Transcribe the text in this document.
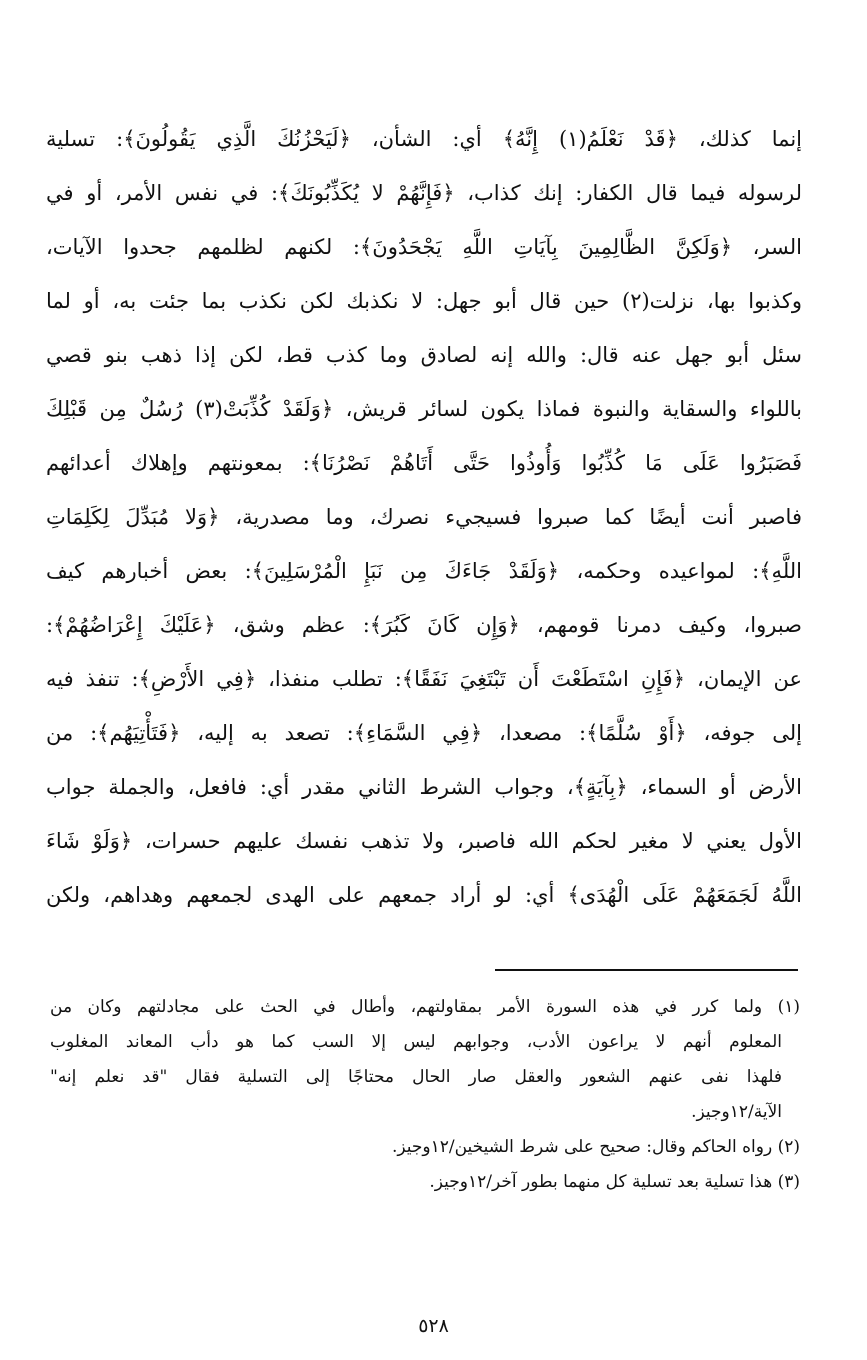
إنما كذلك، ﴿قَدْ نَعْلَمُ(١) إِنَّهُ﴾ أي: الشأن، ﴿لَيَحْزُنُكَ الَّذِي يَقُولُونَ﴾: تسلية
لرسوله فيما قال الكفار: إنك كذاب، ﴿فَإِنَّهُمْ لا يُكَذِّبُونَكَ﴾: في نفس الأمر، أو في
السر، ﴿وَلَكِنَّ الظَّالِمِينَ بِآيَاتِ اللَّهِ يَجْحَدُونَ﴾: لكنهم لظلمهم جحدوا الآيات،
وكذبوا بها، نزلت(٢) حين قال أبو جهل: لا نكذبك لكن نكذب بما جئت به، أو لما
سئل أبو جهل عنه قال: والله إنه لصادق وما كذب قط، لكن إذا ذهب بنو قصي
باللواء والسقاية والنبوة فماذا يكون لسائر قريش، ﴿وَلَقَدْ كُذِّبَتْ(٣) رُسُلٌ مِن قَبْلِكَ
فَصَبَرُوا عَلَى مَا كُذِّبُوا وَأُوذُوا حَتَّى أَتَاهُمْ نَصْرُنَا﴾: بمعونتهم وإهلاك أعدائهم
فاصبر أنت أيضًا كما صبروا فسيجيء نصرك، وما مصدرية، ﴿وَلا مُبَدِّلَ لِكَلِمَاتِ
اللَّهِ﴾: لمواعيده وحكمه، ﴿وَلَقَدْ جَاءَكَ مِن نَبَإِ الْمُرْسَلِينَ﴾: بعض أخبارهم كيف
صبروا، وكيف دمرنا قومهم، ﴿وَإِن كَانَ كَبُرَ﴾: عظم وشق، ﴿عَلَيْكَ إِعْرَاضُهُمْ﴾:
عن الإيمان، ﴿فَإِنِ اسْتَطَعْتَ أَن تَبْتَغِيَ نَفَقًا﴾: تطلب منفذا، ﴿فِي الأَرْضِ﴾: تنفذ فيه
إلى جوفه، ﴿أَوْ سُلَّمًا﴾: مصعدا، ﴿فِي السَّمَاءِ﴾: تصعد به إليه، ﴿فَتَأْتِيَهُم﴾: من
الأرض أو السماء، ﴿بِآيَةٍ﴾، وجواب الشرط الثاني مقدر أي: فافعل، والجملة جواب
الأول يعني لا مغير لحكم الله فاصبر، ولا تذهب نفسك عليهم حسرات، ﴿وَلَوْ شَاءَ
اللَّهُ لَجَمَعَهُمْ عَلَى الْهُدَى﴾ أي: لو أراد جمعهم على الهدى لجمعهم وهداهم، ولكن
(١) ولما كرر في هذه السورة الأمر بمقاولتهم، وأطال في الحث على مجادلتهم وكان من
المعلوم أنهم لا يراعون الأدب، وجوابهم ليس إلا السب كما هو دأب المعاند المغلوب
فلهذا نفى عنهم الشعور والعقل صار الحال محتاجًا إلى التسلية فقال "قد نعلم إنه"
الآية/١٢وجيز.
(٢) رواه الحاكم وقال: صحيح على شرط الشيخين/١٢وجيز.
(٣) هذا تسلية بعد تسلية كل منهما بطور آخر/١٢وجيز.
٥٢٨
